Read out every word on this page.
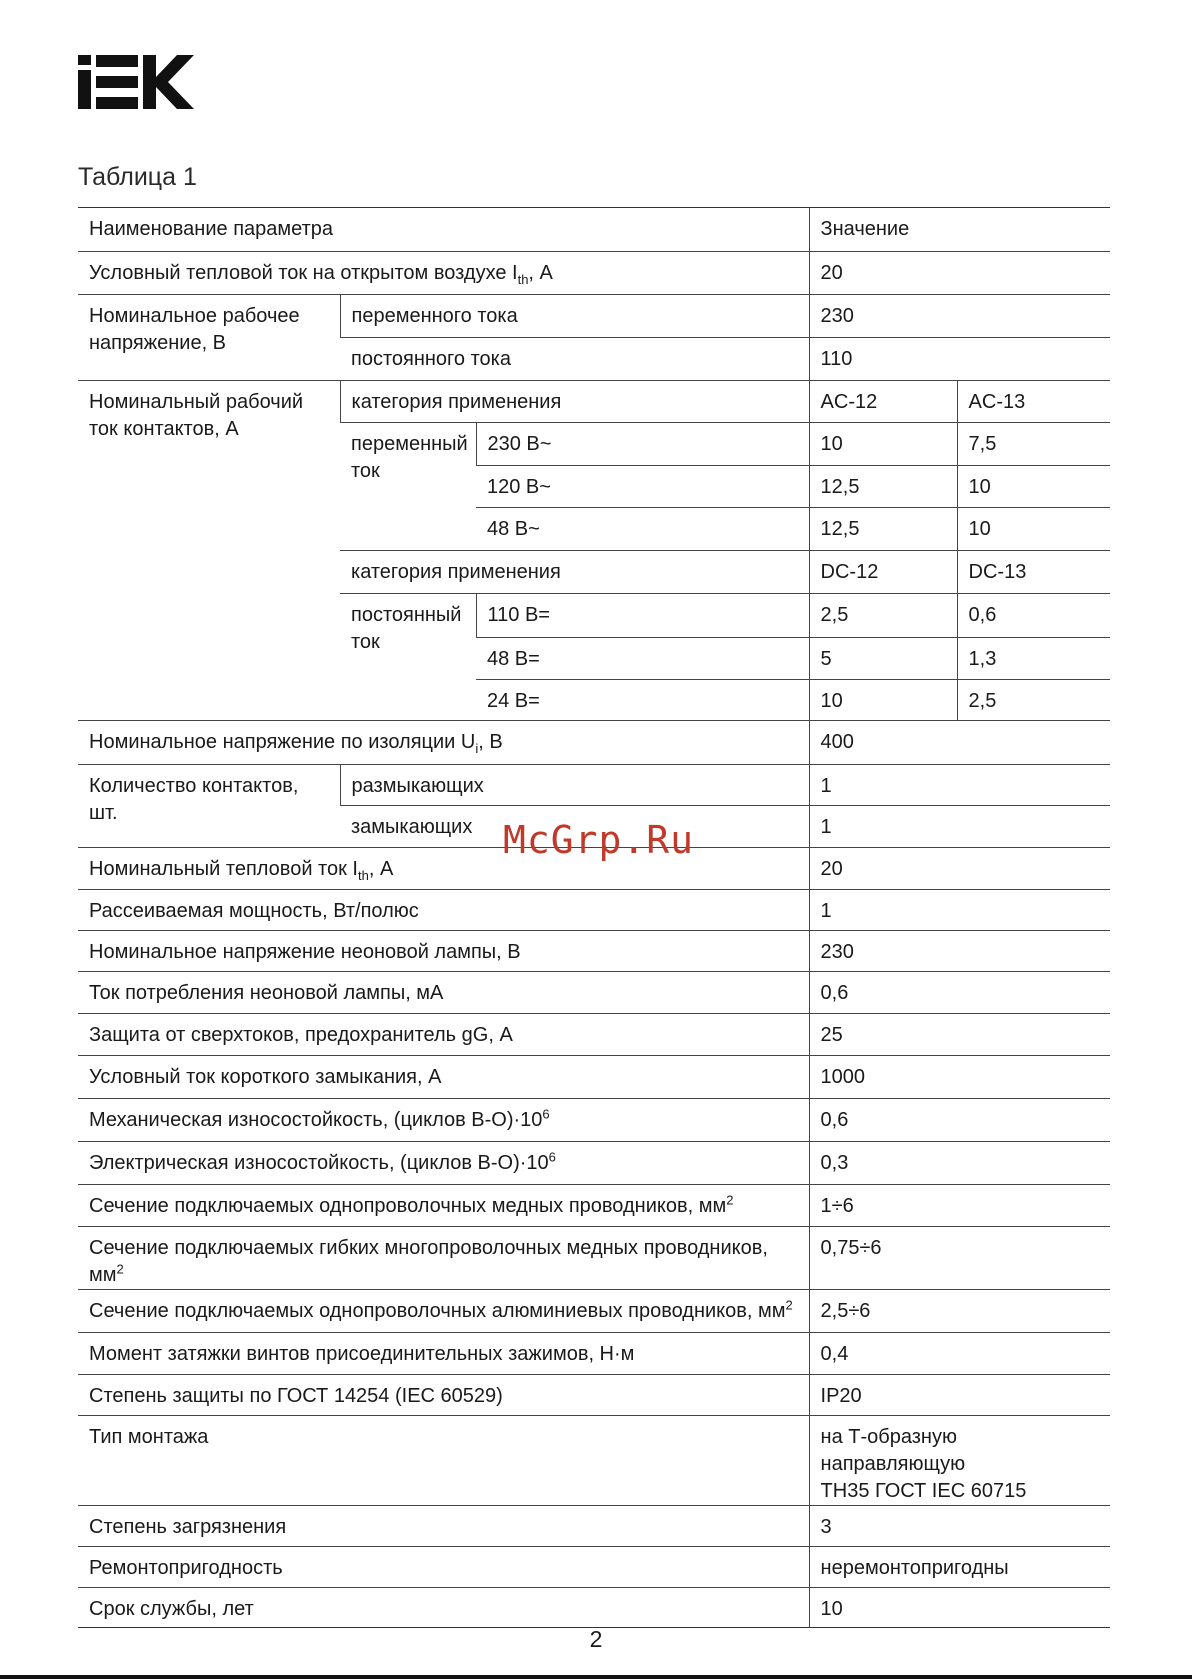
Таблица 1
Наименование параметра			Значение	
Условный тепловой ток на открытом воздухе $I_{th}$, А			20	
Номинальное рабочее напряжение, В	переменного тока		230	
	постоянного тока		110	
Номинальный рабочий ток контактов, А	категория применения		AC-12	AC-13
	переменный ток	230 В~	10	7,5
		120 В~	12,5	10
		48 В~	12,5	10
	категория применения		DC-12	DC-13
	постоянный ток	110 В=	2,5	0,6
		48 В=	5	1,3
		24 В=	10	2,5
Номинальное напряжение по изоляции $U_i$, В			400	
Количество контактов, шт.	размыкающих		1	
	замыкающих		1	
Номинальный тепловой ток $I_{th}$, А			20	
Рассеиваемая мощность, Вт/полюс			1	
Номинальное напряжение неоновой лампы, В			230	
Ток потребления неоновой лампы, мА			0,6	
Защита от сверхтоков, предохранитель gG, А			25	
Условный ток короткого замыкания, А			1000	
Механическая износостойкость, (циклов $В-О)\cdot 10^6$			0,6	
Электрическая износостойкость, (циклов $В-О)\cdot 10^6$			0,3	
Сечение подключаемых однопроволочных медных проводников, $мм^2$			1÷6	
Сечение подключаемых гибких многопроволочных медных проводников, $мм^2$			0,75÷6	
Сечение подключаемых однопроволочных алюминиевых проводников, $мм^2$			2,5÷6	
Момент затяжки винтов присоединительных зажимов, Н·м			0,4	
Степень защиты по ГОСТ 14254 (IEC 60529)			IP20	
Тип монтажа			на Т-образную направляющую
ТН35 ГОСТ IEC 60715	

Степень загрязнения			3	
Ремонтопригодность			неремонтопригодны	
Срок службы, лет			10	
McGrp.Ru
2
